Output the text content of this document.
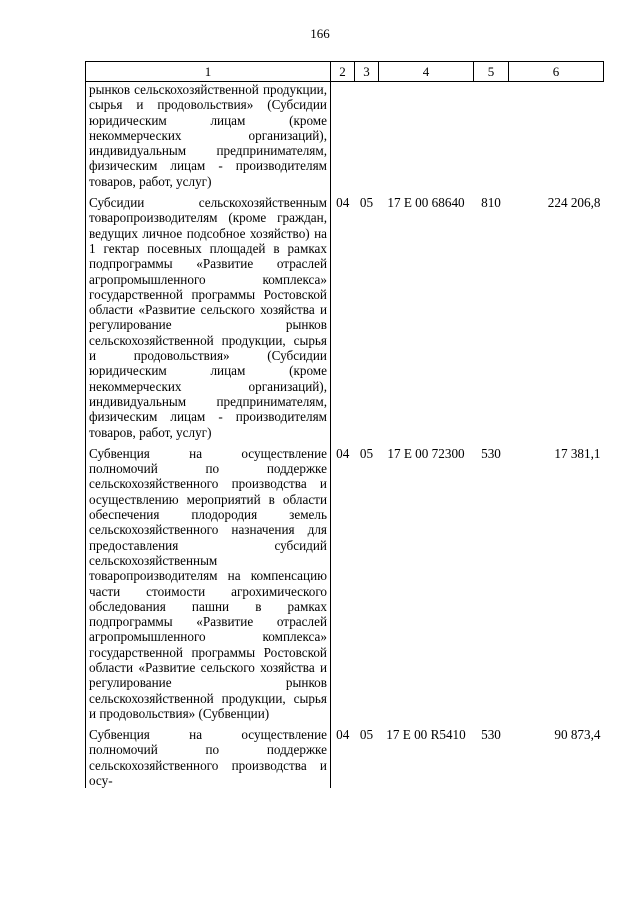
166
1	2	3	4	5	6
рынков сельскохозяйственной продукции, сырья и продовольствия» (Субсидии юридическим лицам (кроме некоммерческих организаций), индивидуальным предпринимателям, физическим лицам - производителям товаров, работ, услуг)					

Субсидии сельскохозяйственным товаропроизводителям (кроме граждан, ведущих личное подсобное хозяйство) на 1 гектар посевных площадей в рамках подпрограммы «Развитие отраслей агропромышленного комплекса» государственной программы Ростовской области «Развитие сельского хозяйства и регулирование рынков сельскохозяйственной продукции, сырья и продовольствия» (Субсидии юридическим лицам (кроме некоммерческих организаций), индивидуальным предпринимателям, физическим лицам - производителям товаров, работ, услуг)	04	05	17 Е 00 68640	810	224 206,8

Субвенция на осуществление полномочий по поддержке сельскохозяйственного производства и осуществлению мероприятий в области обеспечения плодородия земель сельскохозяйственного назначения для предоставления субсидий сельскохозяйственным товаропроизводителям на компенсацию части стоимости агрохимического обследования пашни в рамках подпрограммы «Развитие отраслей агропромышленного комплекса» государственной программы Ростовской области «Развитие сельского хозяйства и регулирование рынков сельскохозяйственной продукции, сырья и продовольствия» (Субвенции)	04	05	17 Е 00 72300	530	17 381,1

Субвенция на осуществление полномочий по поддержке сельскохозяйственного производства и осу-	04	05	17 Е 00 R5410	530	90 873,4
